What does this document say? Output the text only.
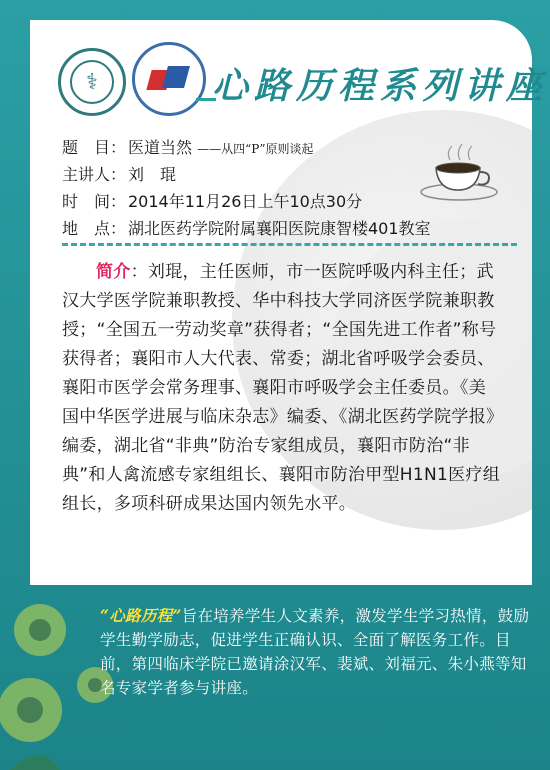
⚕	心路历程系列讲座
题　目： 医道当然 ——从四“P”原则谈起
主讲人： 刘　琨
时　间： 2014年11月26日上午10点30分
地　点： 湖北医药学院附属襄阳医院康智楼401教室
简介：刘琨，主任医师，市一医院呼吸内科主任；武汉大学医学院兼职教授、华中科技大学同济医学院兼职教授；“全国五一劳动奖章”获得者；“全国先进工作者”称号获得者；襄阳市人大代表、常委；湖北省呼吸学会委员、襄阳市医学会常务理事、襄阳市呼吸学会主任委员。《美国中华医学进展与临床杂志》编委、《湖北医药学院学报》编委，湖北省“非典”防治专家组成员，襄阳市防治“非典”和人禽流感专家组组长、襄阳市防治甲型H1N1医疗组组长，多项科研成果达国内领先水平。
“心路历程”旨在培养学生人文素养，激发学生学习热情，鼓励学生勤学励志，促进学生正确认识、全面了解医务工作。目前，第四临床学院已邀请涂汉军、裴斌、刘福元、朱小燕等知名专家学者参与讲座。
